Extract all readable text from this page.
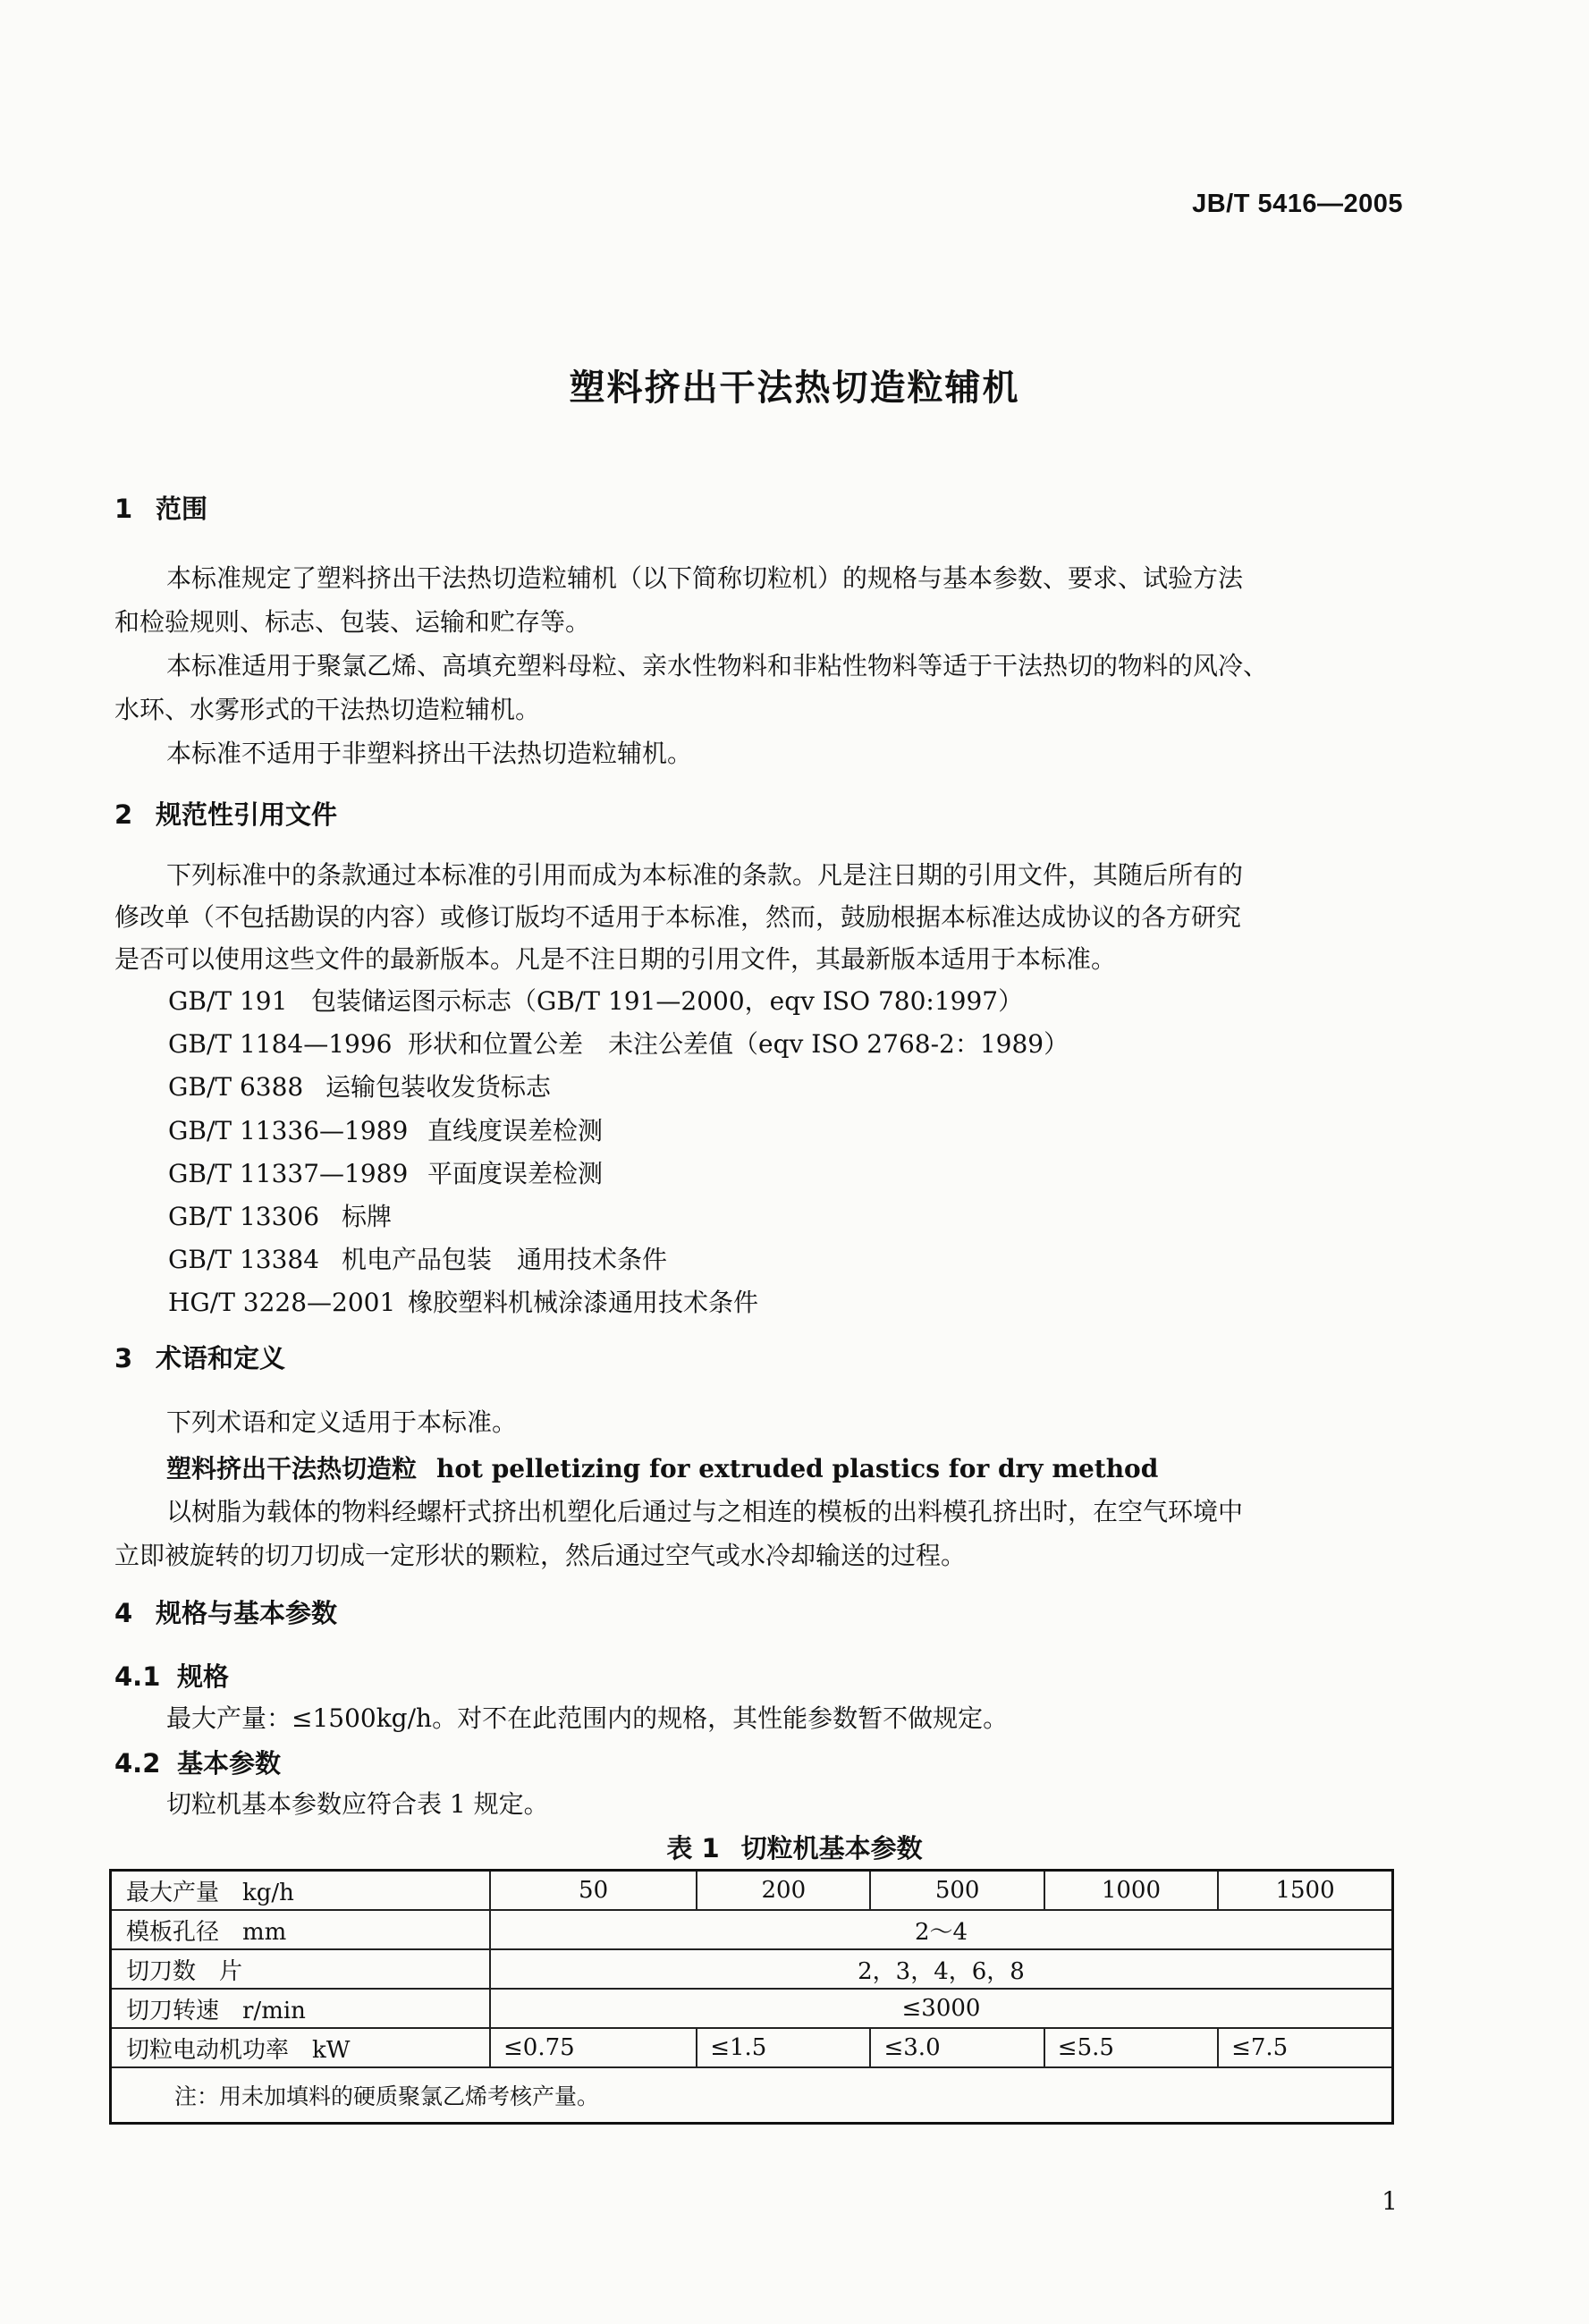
JB/T 5416—2005
塑料挤出干法热切造粒辅机
1 范围
本标准规定了塑料挤出干法热切造粒辅机（以下简称切粒机）的规格与基本参数、要求、试验方法
和检验规则、标志、包装、运输和贮存等。
本标准适用于聚氯乙烯、高填充塑料母粒、亲水性物料和非粘性物料等适于干法热切的物料的风冷、
水环、水雾形式的干法热切造粒辅机。
本标准不适用于非塑料挤出干法热切造粒辅机。
2 规范性引用文件
下列标准中的条款通过本标准的引用而成为本标准的条款。凡是注日期的引用文件，其随后所有的
修改单（不包括勘误的内容）或修订版均不适用于本标准，然而，鼓励根据本标准达成协议的各方研究
是否可以使用这些文件的最新版本。凡是不注日期的引用文件，其最新版本适用于本标准。
GB/T 191 包装储运图示标志（GB/T 191—2000，eqv ISO 780:1997）
GB/T 1184—1996 形状和位置公差　未注公差值（eqv ISO 2768-2：1989）
GB/T 6388 运输包装收发货标志
GB/T 11336—1989 直线度误差检测
GB/T 11337—1989 平面度误差检测
GB/T 13306 标牌
GB/T 13384 机电产品包装　通用技术条件
HG/T 3228—2001 橡胶塑料机械涂漆通用技术条件
3 术语和定义
下列术语和定义适用于本标准。
塑料挤出干法热切造粒 hot pelletizing for extruded plastics for dry method
以树脂为载体的物料经螺杆式挤出机塑化后通过与之相连的模板的出料模孔挤出时，在空气环境中
立即被旋转的切刀切成一定形状的颗粒，然后通过空气或水冷却输送的过程。
4 规格与基本参数
4.1 规格
最大产量：≤1500kg/h。对不在此范围内的规格，其性能参数暂不做规定。
4.2 基本参数
切粒机基本参数应符合表 1 规定。
表 1 切粒机基本参数
最大产量　kg/h	50	200	500	1000	1500
模板孔径　mm	2～4				
切刀数　片	2，3，4，6，8				
切刀转速　r/min	≤3000				
切粒电动机功率　kW	≤0.75	≤1.5	≤3.0	≤5.5	≤7.5
注：用未加填料的硬质聚氯乙烯考核产量。					
1
